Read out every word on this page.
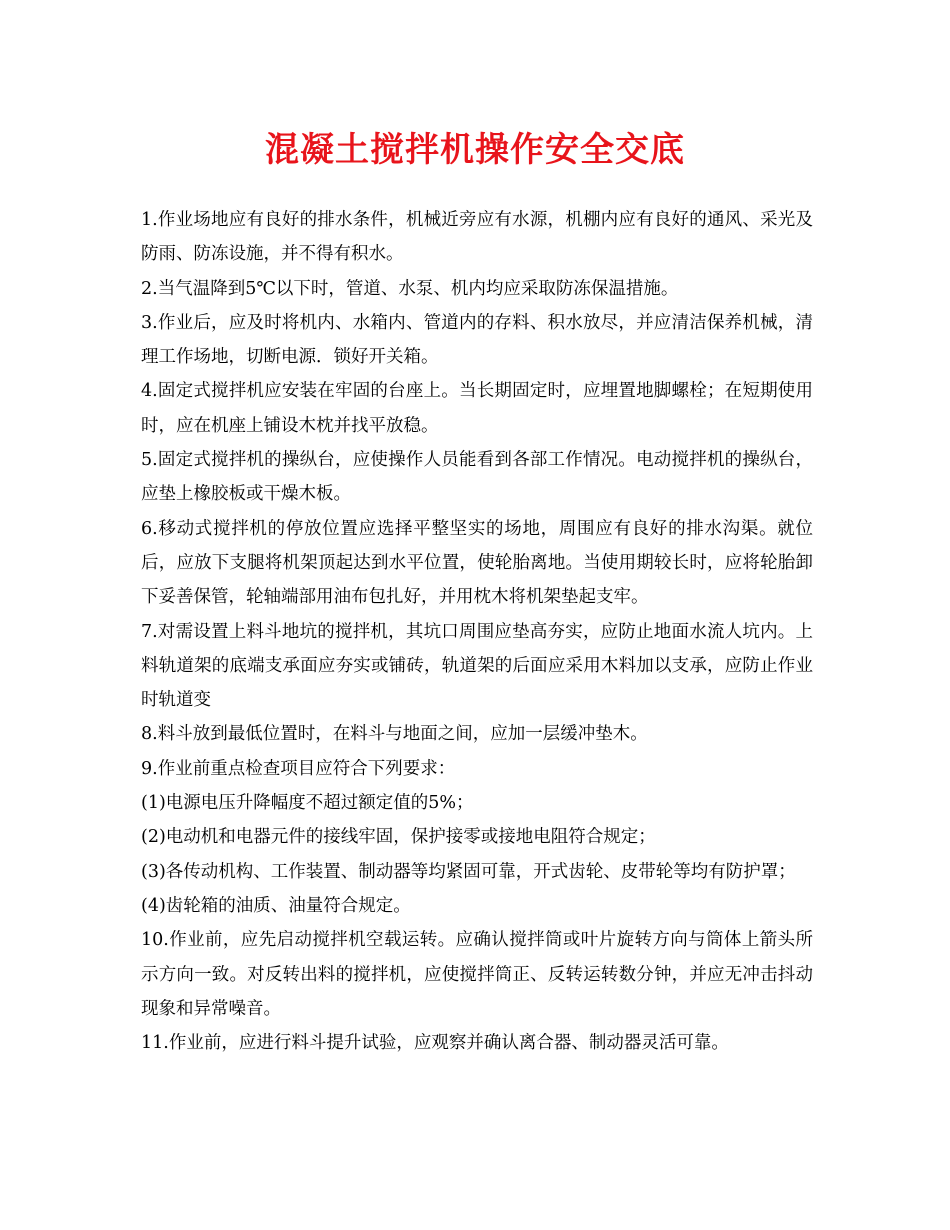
混凝土搅拌机操作安全交底

1.作业场地应有良好的排水条件，机械近旁应有水源，机棚内应有良好的通风、采光及防雨、防冻设施，并不得有积水。

2.当气温降到5℃以下时，管道、水泵、机内均应采取防冻保温措施。

3.作业后，应及时将机内、水箱内、管道内的存料、积水放尽，并应清洁保养机械，清理工作场地，切断电源．锁好开关箱。

4.固定式搅拌机应安装在牢固的台座上。当长期固定时，应埋置地脚螺栓；在短期使用时，应在机座上铺设木枕并找平放稳。

5.固定式搅拌机的操纵台，应使操作人员能看到各部工作情况。电动搅拌机的操纵台，应垫上橡胶板或干燥木板。

6.移动式搅拌机的停放位置应选择平整坚实的场地，周围应有良好的排水沟渠。就位后，应放下支腿将机架顶起达到水平位置，使轮胎离地。当使用期较长时，应将轮胎卸下妥善保管，轮轴端部用油布包扎好，并用枕木将机架垫起支牢。

7.对需设置上料斗地坑的搅拌机，其坑口周围应垫高夯实，应防止地面水流人坑内。上料轨道架的底端支承面应夯实或铺砖，轨道架的后面应采用木料加以支承，应防止作业时轨道变

8.料斗放到最低位置时，在料斗与地面之间，应加一层缓冲垫木。

9.作业前重点检查项目应符合下列要求：

(1)电源电压升降幅度不超过额定值的5%；

(2)电动机和电器元件的接线牢固，保护接零或接地电阻符合规定；

(3)各传动机构、工作装置、制动器等均紧固可靠，开式齿轮、皮带轮等均有防护罩；

(4)齿轮箱的油质、油量符合规定。

10.作业前，应先启动搅拌机空载运转。应确认搅拌筒或叶片旋转方向与筒体上箭头所示方向一致。对反转出料的搅拌机，应使搅拌筒正、反转运转数分钟，并应无冲击抖动现象和异常噪音。

11.作业前，应进行料斗提升试验，应观察并确认离合器、制动器灵活可靠。
